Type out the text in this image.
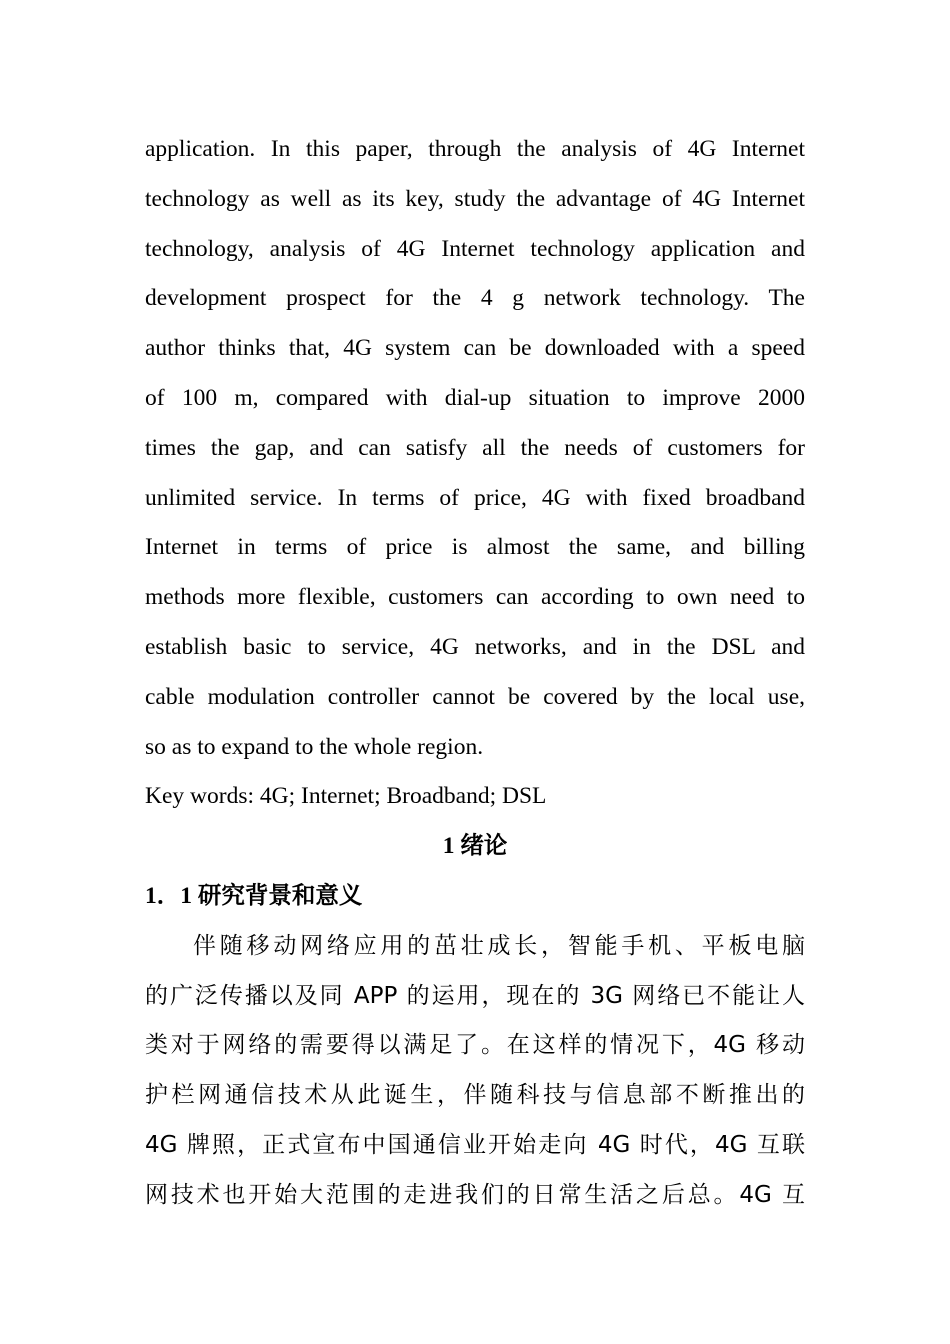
application. In this paper, through the analysis of 4G Internet
technology as well as its key, study the advantage of 4G Internet
technology, analysis of 4G Internet technology application and
development prospect for the 4 g network technology. The
author thinks that, 4G system can be downloaded with a speed
of 100 m, compared with dial-up situation to improve 2000
times the gap, and can satisfy all the needs of customers for
unlimited service. In terms of price, 4G with fixed broadband
Internet in terms of price is almost the same, and billing
methods more flexible, customers can according to own need to
establish basic to service, 4G networks, and in the DSL and
cable modulation controller cannot be covered by the local use,
so as to expand to the whole region.
Key words: 4G; Internet; Broadband; DSL
1 绪论
1．1 研究背景和意义
伴随移动网络应用的茁壮成长，智能手机、平板电脑
的广泛传播以及同 APP 的运用，现在的 3G 网络已不能让人
类对于网络的需要得以满足了。在这样的情况下，4G 移动
护栏网通信技术从此诞生，伴随科技与信息部不断推出的
4G 牌照，正式宣布中国通信业开始走向 4G 时代，4G 互联
网技术也开始大范围的走进我们的日常生活之后总。4G 互
